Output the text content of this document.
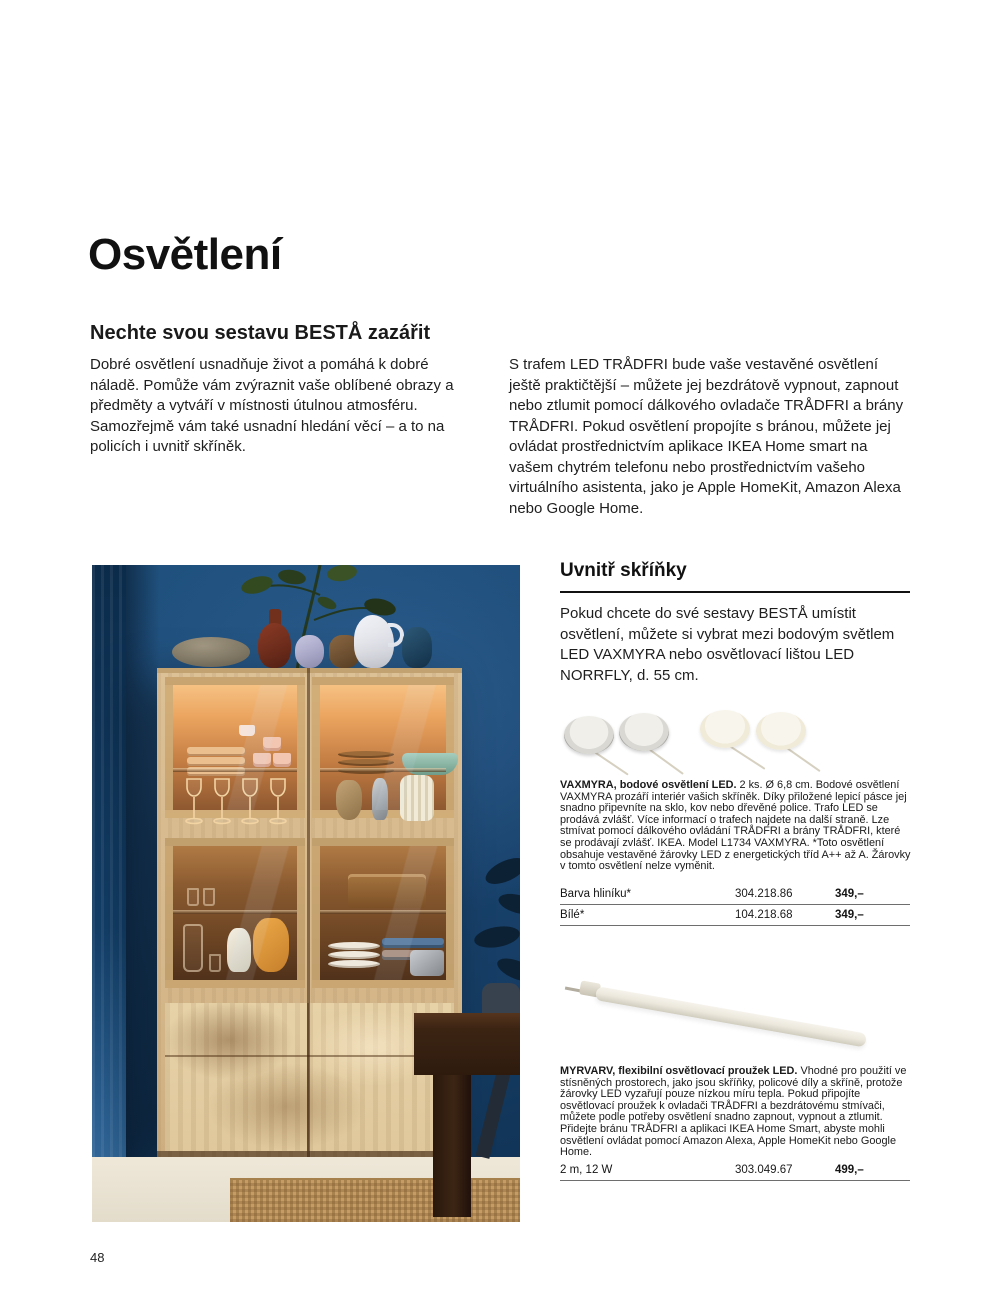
Osvětlení
Nechte svou sestavu BESTÅ zazářit

Dobré osvětlení usnadňuje život a pomáhá k dobré náladě. Pomůže vám zvýraznit vaše oblíbené obrazy a předměty a vytváří v místnosti útulnou atmosféru. Samozřejmě vám také usnadní hledání věcí – a to na policích i uvnitř skříněk.

S trafem LED TRÅDFRI bude vaše vestavěné osvětlení ještě praktičtější – můžete jej bezdrátově vypnout, zapnout nebo ztlumit pomocí dálkového ovladače TRÅDFRI a brány TRÅDFRI. Pokud osvětlení propojíte s bránou, můžete jej ovládat prostřednictvím aplikace IKEA Home smart na vašem chytrém telefonu nebo prostřednictvím vašeho virtuálního asistenta, jako je Apple HomeKit, Amazon Alexa nebo Google Home.

Uvnitř skříňky

Pokud chcete do své sestavy BESTÅ umístit osvětlení, můžete si vybrat mezi bodovým světlem LED VAXMYRA nebo osvětlovací lištou LED NORRFLY, d. 55 cm.

VAXMYRA, bodové osvětlení LED. 2 ks. Ø 6,8 cm. Bodové osvětlení VAXMYRA prozáří interiér vašich skříněk. Díky přiložené lepicí pásce jej snadno připevníte na sklo, kov nebo dřevěné police. Trafo LED se prodává zvlášť. Více informací o trafech najdete na další straně. Lze stmívat pomocí dálkového ovládání TRÅDFRI a brány TRÅDFRI, které se prodávají zvlášť. IKEA. Model L1734 VAXMYRA. *Toto osvětlení obsahuje vestavěné žárovky LED z energetických tříd A++ až A. Žárovky v tomto osvětlení nelze vyměnit.

Barva hliníku*	304.218.86	349,–
Bílé*	104.218.68	349,–

MYRVARV, flexibilní osvětlovací proužek LED. Vhodné pro použití ve stísněných prostorech, jako jsou skříňky, policové díly a skříně, protože žárovky LED vyzařují pouze nízkou míru tepla. Pokud připojíte osvětlovací proužek k ovladači TRÅDFRI a bezdrátovému stmívači, můžete podle potřeby osvětlení snadno zapnout, vypnout a ztlumit. Přidejte bránu TRÅDFRI a aplikaci IKEA Home Smart, abyste mohli osvětlení ovládat pomocí Amazon Alexa, Apple HomeKit nebo Google Home.

2 m, 12 W	303.049.67	499,–
48
